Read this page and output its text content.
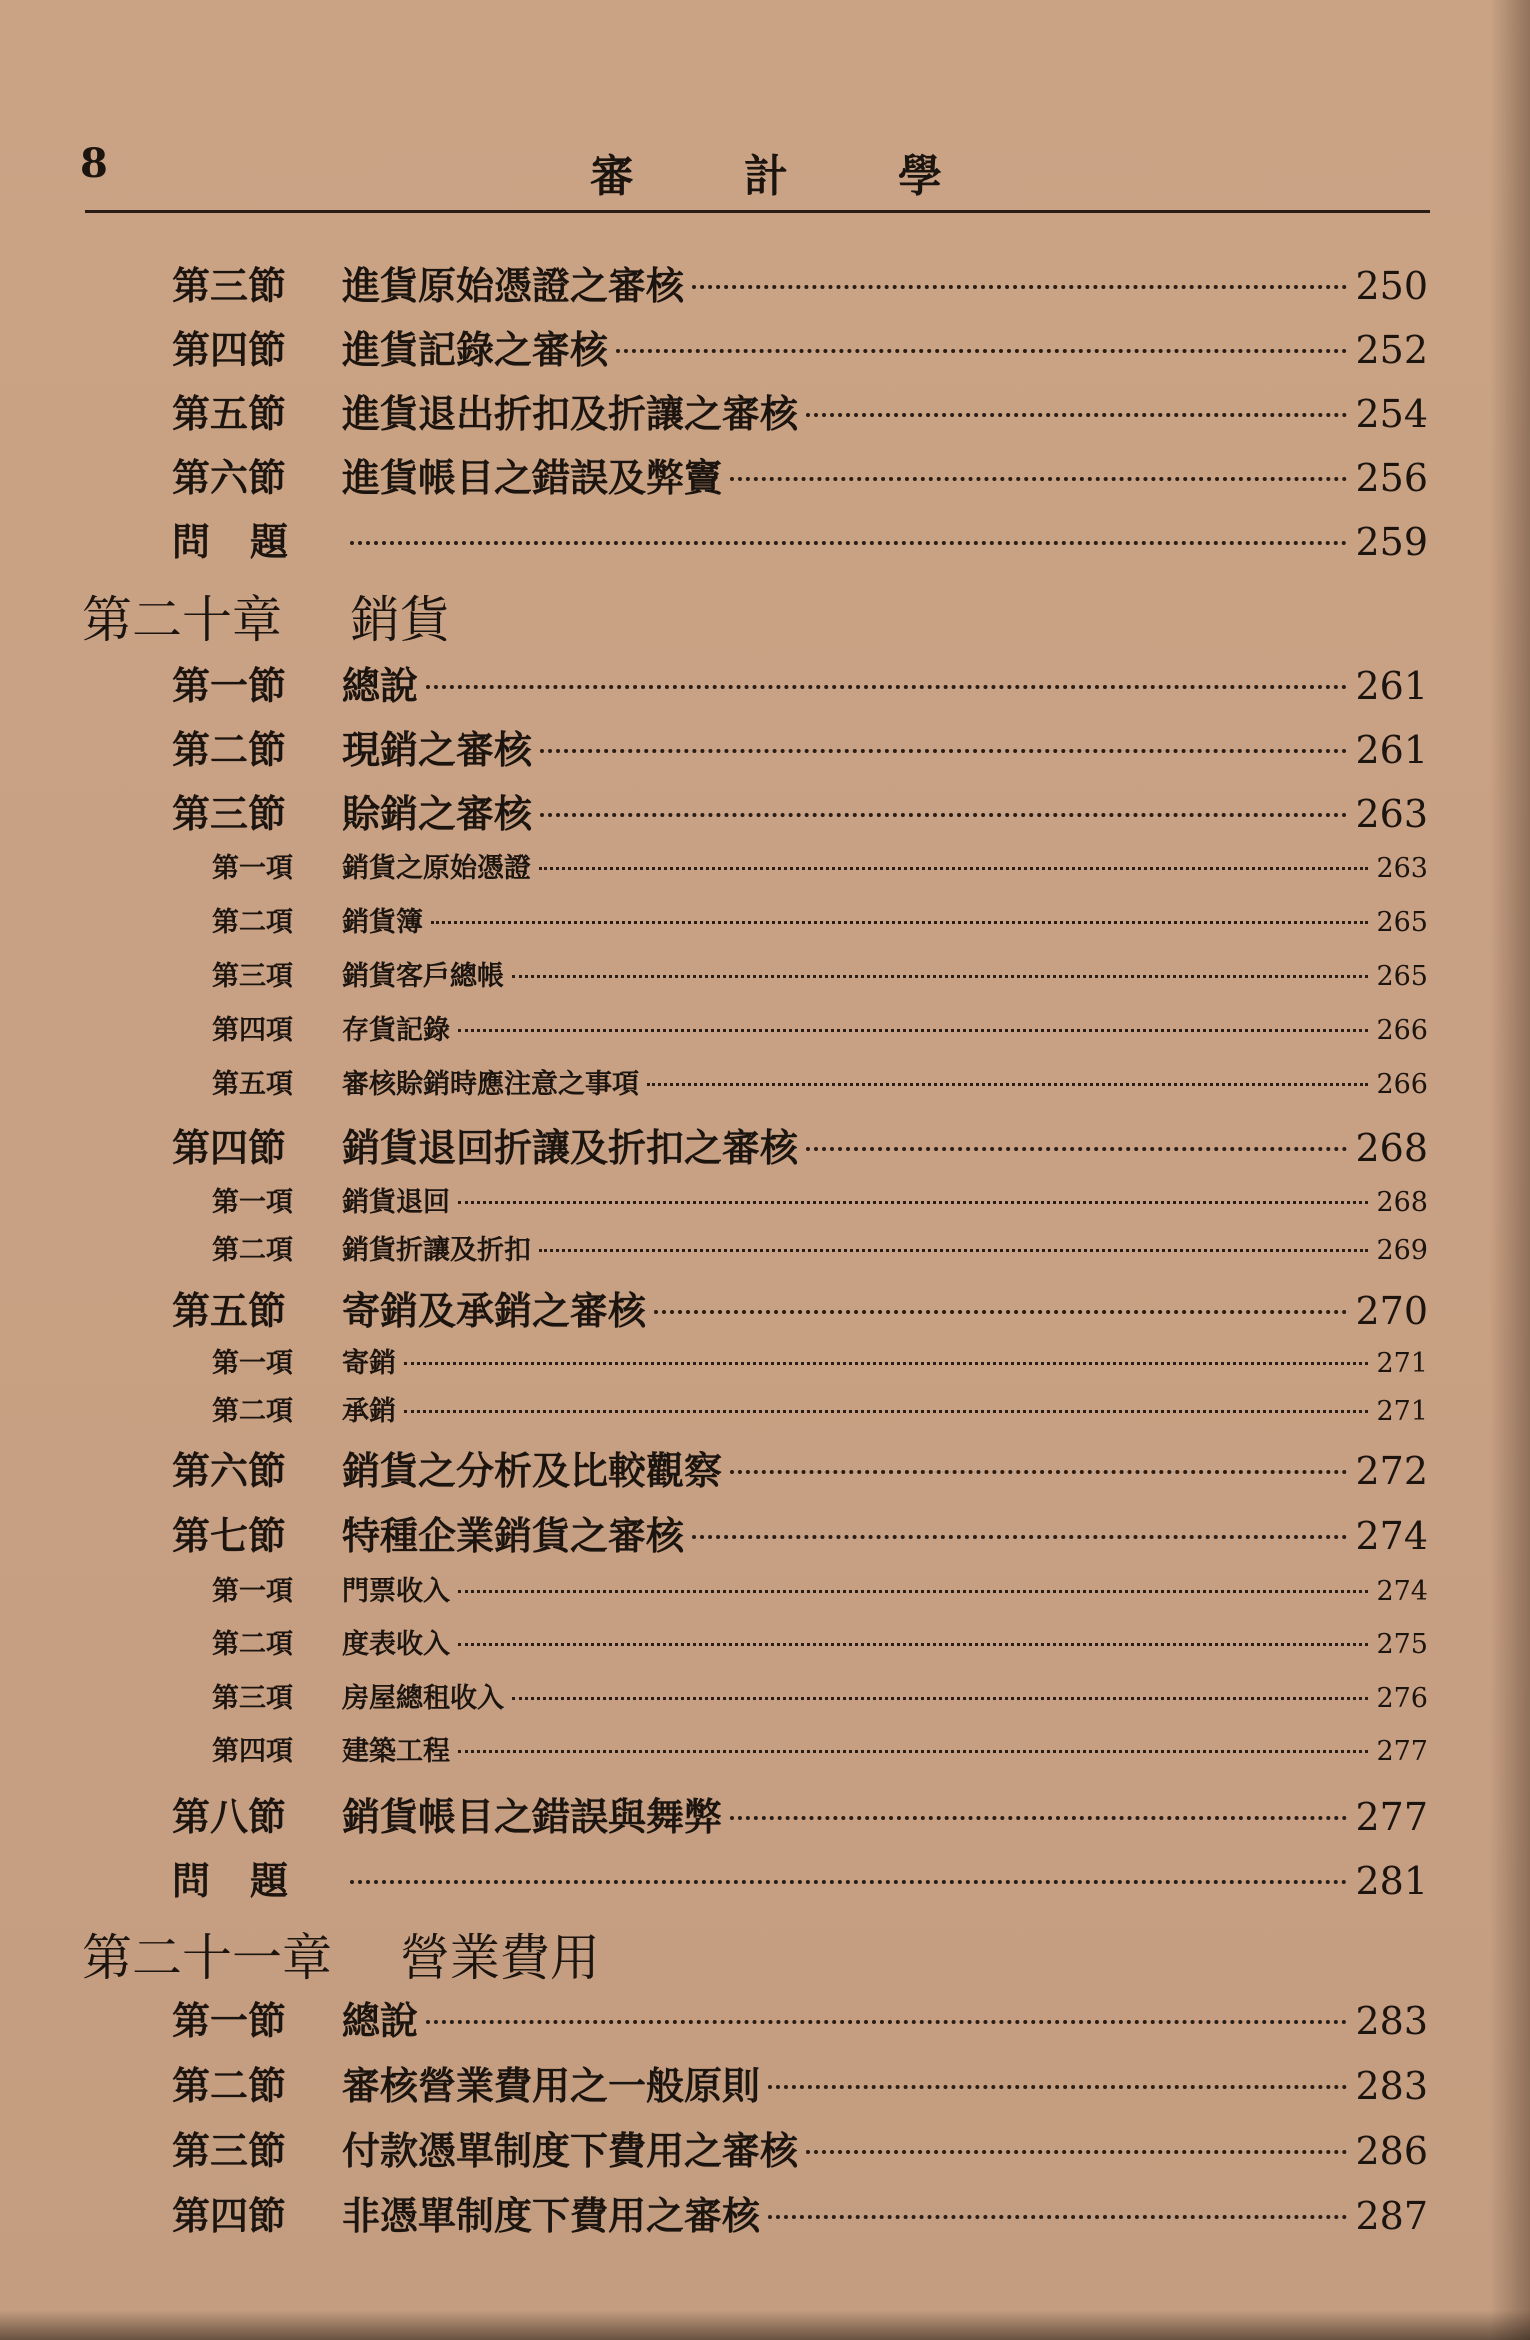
8	審計學
第三節	進貨原始憑證之審核	250
第四節	進貨記錄之審核	252
第五節	進貨退出折扣及折讓之審核	254
第六節	進貨帳目之錯誤及弊竇	256
問題	259
第二十章 銷貨
第一節	總說	261
第二節	現銷之審核	261
第三節	賒銷之審核	263
第一項	銷貨之原始憑證	263
第二項	銷貨簿	265
第三項	銷貨客戶總帳	265
第四項	存貨記錄	266
第五項	審核賒銷時應注意之事項	266
第四節	銷貨退回折讓及折扣之審核	268
第一項	銷貨退回	268
第二項	銷貨折讓及折扣	269
第五節	寄銷及承銷之審核	270
第一項	寄銷	271
第二項	承銷	271
第六節	銷貨之分析及比較觀察	272
第七節	特種企業銷貨之審核	274
第一項	門票收入	274
第二項	度表收入	275
第三項	房屋總租收入	276
第四項	建築工程	277
第八節	銷貨帳目之錯誤與舞弊	277
問題	281
第二十一章 營業費用
第一節	總說	283
第二節	審核營業費用之一般原則	283
第三節	付款憑單制度下費用之審核	286
第四節	非憑單制度下費用之審核	287
